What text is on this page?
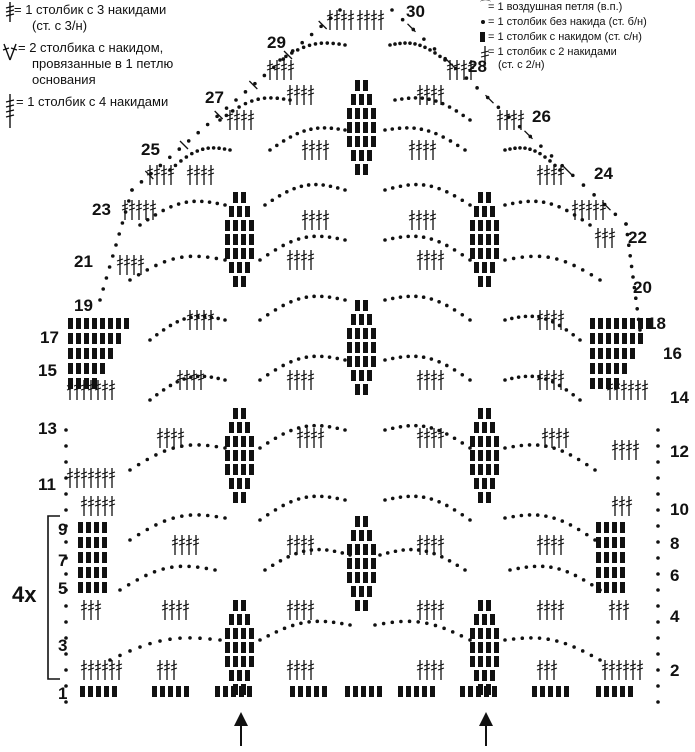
4x
1
3
5
7
9
11
13
15
17
19
21
23
25
27
29
2
4
6
8
10
12
14
16
18
20
22
24
26
28
30
= 1 столбик с 3 накидами
(ст. с 3/н)
= 2 столбика с накидом,
провязанные в 1 петлю
основания
= 1 столбик с 4 накидами
⌒
= 1 воздушная петля (в.п.)
= 1 столбик без накида (ст. б/н)
= 1 столбик с накидом (ст. с/н)
= 1 столбик с 2 накидами
(ст. с 2/н)
